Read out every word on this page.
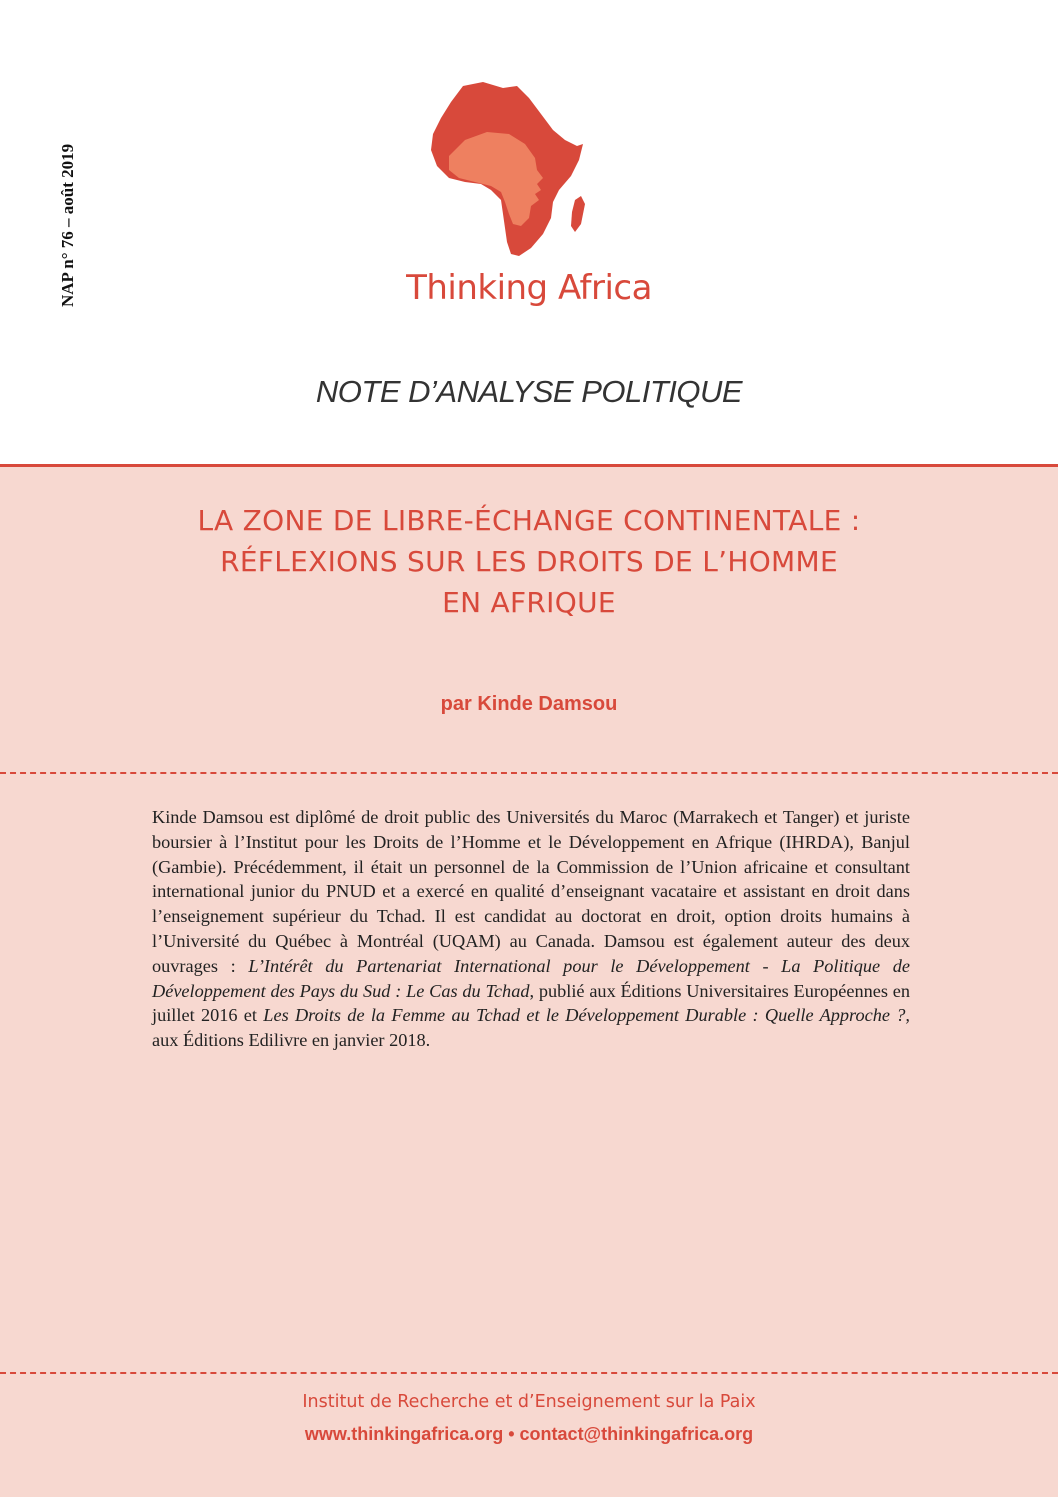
NAP n° 76 – août 2019	Thinking Africa
NOTE D’ANALYSE POLITIQUE
LA ZONE DE LIBRE-ÉCHANGE CONTINENTALE :
RÉFLEXIONS SUR LES DROITS DE L’HOMME
EN AFRIQUE
par Kinde Damsou
Kinde Damsou est diplômé de droit public des Universités du Maroc (Marrakech et Tanger) et juriste boursier à l’Institut pour les Droits de l’Homme et le Développement en Afrique (IHRDA), Banjul (Gambie). Précédemment, il était un personnel de la Commission de l’Union africaine et consultant international junior du PNUD et a exercé en qualité d’enseignant vacataire et assistant en droit dans l’enseignement supérieur du Tchad. Il est candidat au doctorat en droit, option droits humains à l’Université du Québec à Montréal (UQAM) au Canada. Damsou est également auteur des deux ouvrages : L’Intérêt du Partenariat International pour le Développement - La Politique de Développement des Pays du Sud : Le Cas du Tchad, publié aux Éditions Universitaires Européennes en juillet 2016 et Les Droits de la Femme au Tchad et le Développement Durable : Quelle Approche ?, aux Éditions Edilivre en janvier 2018.
Institut de Recherche et d’Enseignement sur la Paix
www.thinkingafrica.org • contact@thinkingafrica.org
